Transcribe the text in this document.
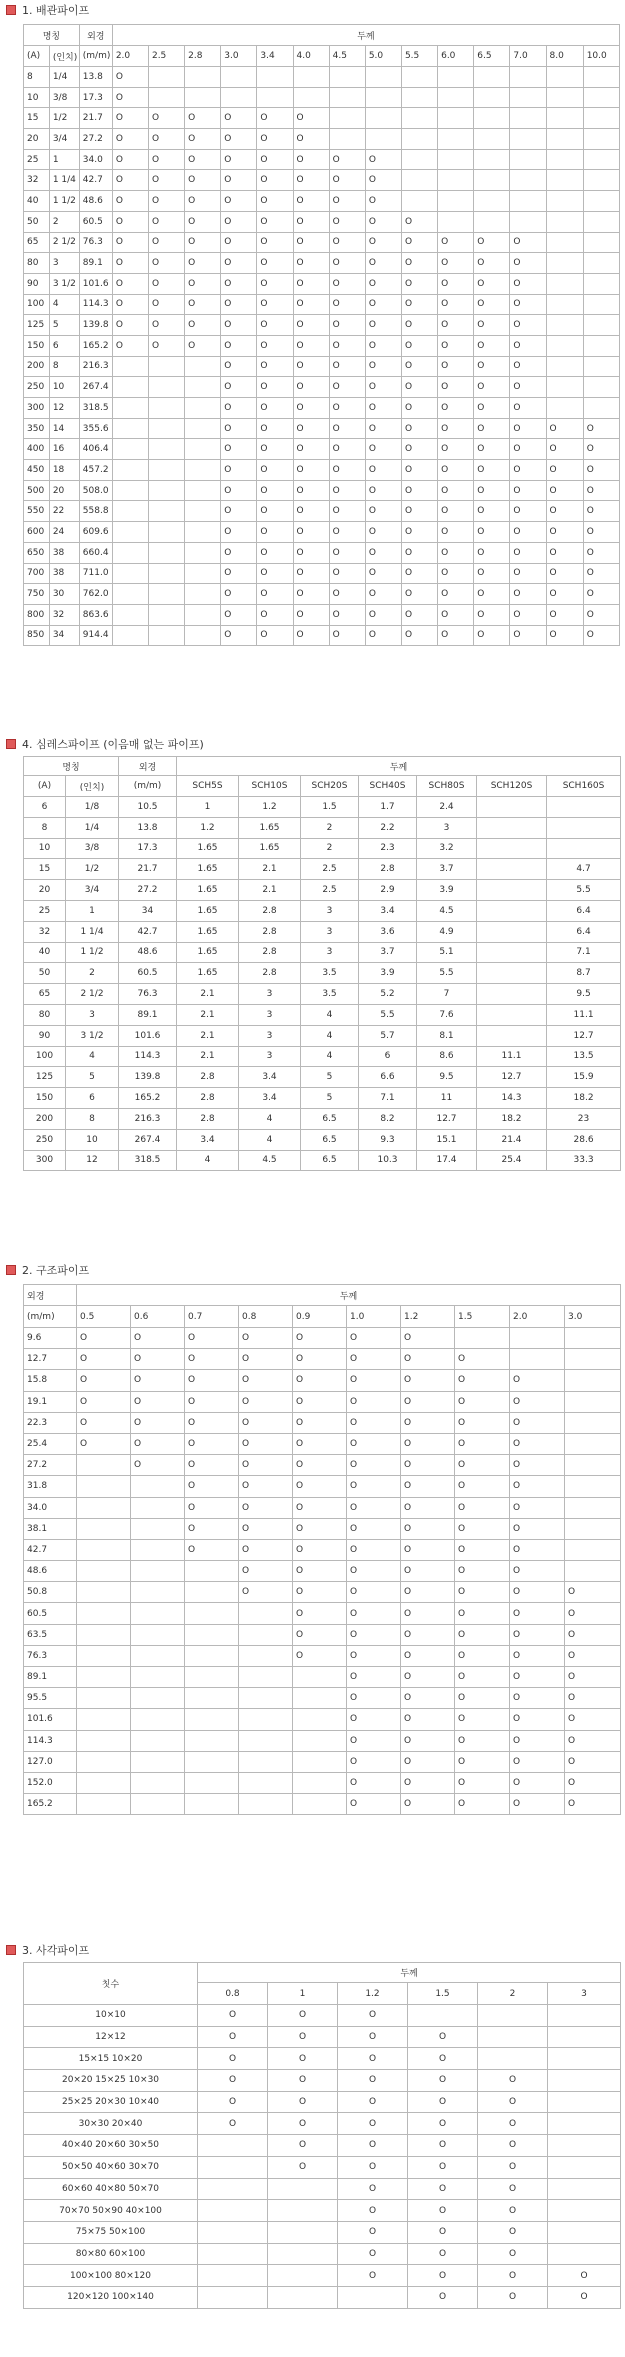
1. 배관파이프
명칭		외경	두께													
(A)	(인치)	(m/m)	2.0	2.5	2.8	3.0	3.4	4.0	4.5	5.0	5.5	6.0	6.5	7.0	8.0	10.0
8	1/4	13.8	O													
10	3/8	17.3	O													
15	1/2	21.7	O	O	O	O	O	O								
20	3/4	27.2	O	O	O	O	O	O								
25	1	34.0	O	O	O	O	O	O	O	O						
32	1 1/4	42.7	O	O	O	O	O	O	O	O						
40	1 1/2	48.6	O	O	O	O	O	O	O	O						
50	2	60.5	O	O	O	O	O	O	O	O	O					
65	2 1/2	76.3	O	O	O	O	O	O	O	O	O	O	O	O		
80	3	89.1	O	O	O	O	O	O	O	O	O	O	O	O		
90	3 1/2	101.6	O	O	O	O	O	O	O	O	O	O	O	O		
100	4	114.3	O	O	O	O	O	O	O	O	O	O	O	O		
125	5	139.8	O	O	O	O	O	O	O	O	O	O	O	O		
150	6	165.2	O	O	O	O	O	O	O	O	O	O	O	O		
200	8	216.3				O	O	O	O	O	O	O	O	O		
250	10	267.4				O	O	O	O	O	O	O	O	O		
300	12	318.5				O	O	O	O	O	O	O	O	O		
350	14	355.6				O	O	O	O	O	O	O	O	O	O	O
400	16	406.4				O	O	O	O	O	O	O	O	O	O	O
450	18	457.2				O	O	O	O	O	O	O	O	O	O	O
500	20	508.0				O	O	O	O	O	O	O	O	O	O	O
550	22	558.8				O	O	O	O	O	O	O	O	O	O	O
600	24	609.6				O	O	O	O	O	O	O	O	O	O	O
650	38	660.4				O	O	O	O	O	O	O	O	O	O	O
700	38	711.0				O	O	O	O	O	O	O	O	O	O	O
750	30	762.0				O	O	O	O	O	O	O	O	O	O	O
800	32	863.6				O	O	O	O	O	O	O	O	O	O	O
850	34	914.4				O	O	O	O	O	O	O	O	O	O	O
4. 심레스파이프 (이음매 없는 파이프)
명칭		외경	두께						
(A)	(인치)	(m/m)	SCH5S	SCH10S	SCH20S	SCH40S	SCH80S	SCH120S	SCH160S
6	1/8	10.5	1	1.2	1.5	1.7	2.4		
8	1/4	13.8	1.2	1.65	2	2.2	3		
10	3/8	17.3	1.65	1.65	2	2.3	3.2		
15	1/2	21.7	1.65	2.1	2.5	2.8	3.7		4.7
20	3/4	27.2	1.65	2.1	2.5	2.9	3.9		5.5
25	1	34	1.65	2.8	3	3.4	4.5		6.4
32	1 1/4	42.7	1.65	2.8	3	3.6	4.9		6.4
40	1 1/2	48.6	1.65	2.8	3	3.7	5.1		7.1
50	2	60.5	1.65	2.8	3.5	3.9	5.5		8.7
65	2 1/2	76.3	2.1	3	3.5	5.2	7		9.5
80	3	89.1	2.1	3	4	5.5	7.6		11.1
90	3 1/2	101.6	2.1	3	4	5.7	8.1		12.7
100	4	114.3	2.1	3	4	6	8.6	11.1	13.5
125	5	139.8	2.8	3.4	5	6.6	9.5	12.7	15.9
150	6	165.2	2.8	3.4	5	7.1	11	14.3	18.2
200	8	216.3	2.8	4	6.5	8.2	12.7	18.2	23
250	10	267.4	3.4	4	6.5	9.3	15.1	21.4	28.6
300	12	318.5	4	4.5	6.5	10.3	17.4	25.4	33.3
2. 구조파이프
외경	두께									
(m/m)	0.5	0.6	0.7	0.8	0.9	1.0	1.2	1.5	2.0	3.0
9.6	O	O	O	O	O	O	O			
12.7	O	O	O	O	O	O	O	O		
15.8	O	O	O	O	O	O	O	O	O	
19.1	O	O	O	O	O	O	O	O	O	
22.3	O	O	O	O	O	O	O	O	O	
25.4	O	O	O	O	O	O	O	O	O	
27.2		O	O	O	O	O	O	O	O	
31.8			O	O	O	O	O	O	O	
34.0			O	O	O	O	O	O	O	
38.1			O	O	O	O	O	O	O	
42.7			O	O	O	O	O	O	O	
48.6				O	O	O	O	O	O	
50.8				O	O	O	O	O	O	O
60.5					O	O	O	O	O	O
63.5					O	O	O	O	O	O
76.3					O	O	O	O	O	O
89.1						O	O	O	O	O
95.5						O	O	O	O	O
101.6						O	O	O	O	O
114.3						O	O	O	O	O
127.0						O	O	O	O	O
152.0						O	O	O	O	O
165.2						O	O	O	O	O
3. 사각파이프
칫수	두께					
	0.8	1	1.2	1.5	2	3
10×10	O	O	O			
12×12	O	O	O	O		
15×15 10×20	O	O	O	O		
20×20 15×25 10×30	O	O	O	O	O	
25×25 20×30 10×40	O	O	O	O	O	
30×30 20×40	O	O	O	O	O	
40×40 20×60 30×50		O	O	O	O	
50×50 40×60 30×70		O	O	O	O	
60×60 40×80 50×70			O	O	O	
70×70 50×90 40×100			O	O	O	
75×75 50×100			O	O	O	
80×80 60×100			O	O	O	
100×100 80×120			O	O	O	O
120×120 100×140				O	O	O
